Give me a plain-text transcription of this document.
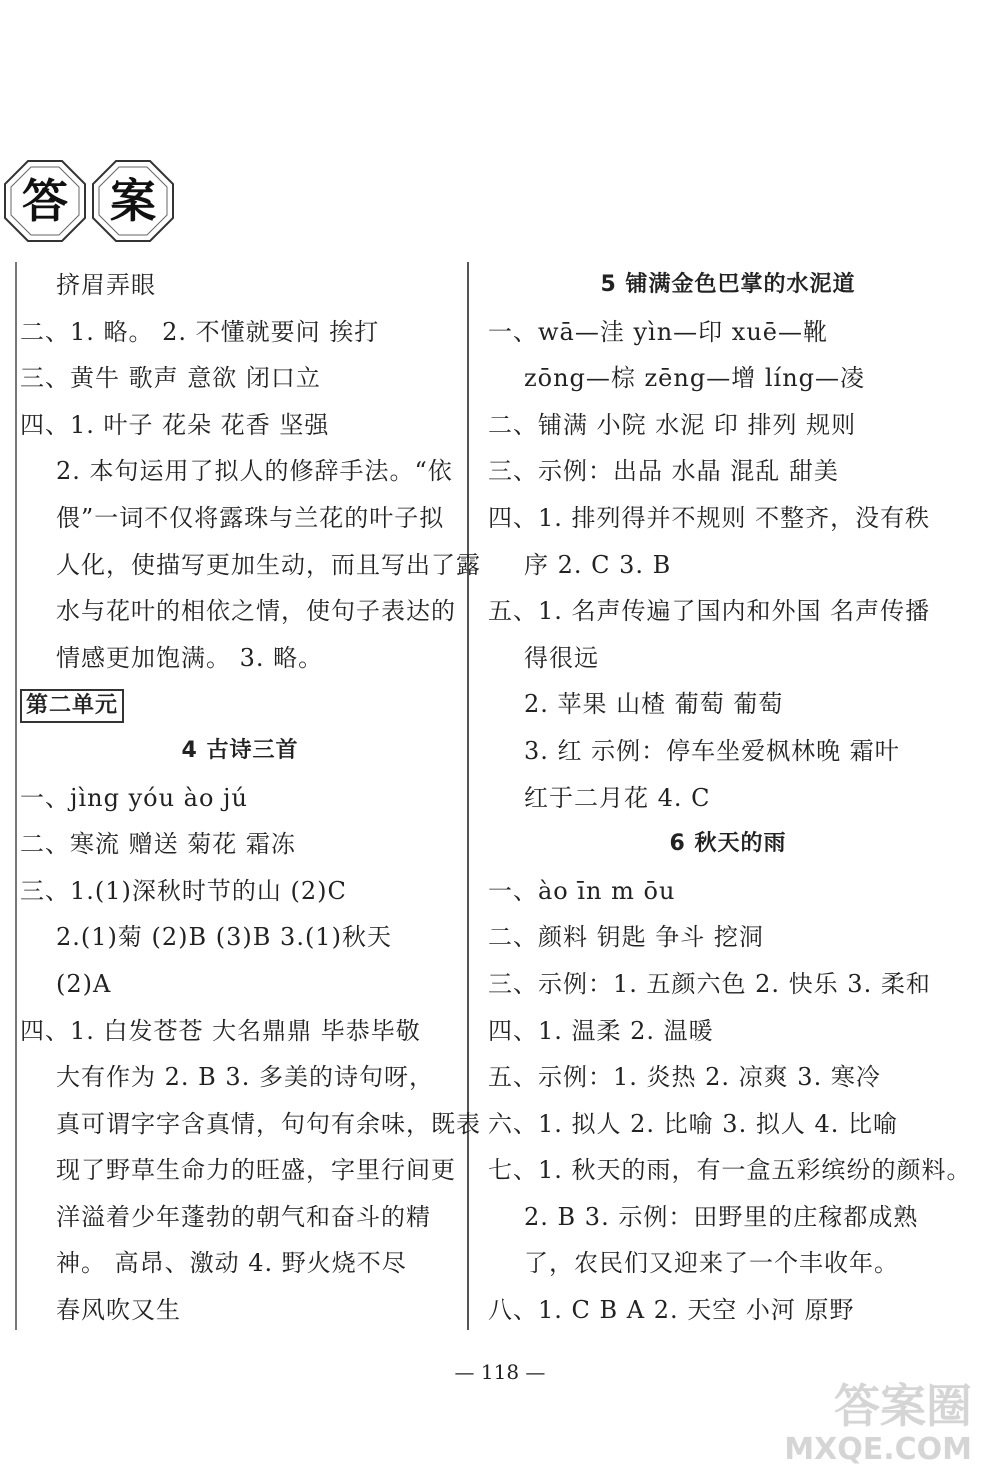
答 案
挤眉弄眼
二、1. 略。 2. 不懂就要问 挨打
三、黄牛 歌声 意欲 闭口立
四、1. 叶子 花朵 花香 坚强
2. 本句运用了拟人的修辞手法。“依
偎”一词不仅将露珠与兰花的叶子拟
人化，使描写更加生动，而且写出了露
水与花叶的相依之情，使句子表达的
情感更加饱满。 3. 略。
第二单元
4 古诗三首
一、jìng yóu ào jú
二、寒流 赠送 菊花 霜冻
三、1.(1)深秋时节的山 (2)C
2.(1)菊 (2)B (3)B 3.(1)秋天
(2)A
四、1. 白发苍苍 大名鼎鼎 毕恭毕敬
大有作为 2. B 3. 多美的诗句呀，
真可谓字字含真情，句句有余味，既表
现了野草生命力的旺盛，字里行间更
洋溢着少年蓬勃的朝气和奋斗的精
神。 高昂、激动 4. 野火烧不尽
春风吹又生
5 铺满金色巴掌的水泥道
一、wā—洼 yìn—印 xuē—靴
zōng—棕 zēng—增 líng—凌
二、铺满 小院 水泥 印 排列 规则
三、示例：出品 水晶 混乱 甜美
四、1. 排列得并不规则 不整齐，没有秩
序 2. C 3. B
五、1. 名声传遍了国内和外国 名声传播
得很远
2. 苹果 山楂 葡萄 葡萄
3. 红 示例：停车坐爱枫林晚 霜叶
红于二月花 4. C
6 秋天的雨
一、ào īn m ōu
二、颜料 钥匙 争斗 挖洞
三、示例：1. 五颜六色 2. 快乐 3. 柔和
四、1. 温柔 2. 温暖
五、示例：1. 炎热 2. 凉爽 3. 寒冷
六、1. 拟人 2. 比喻 3. 拟人 4. 比喻
七、1. 秋天的雨，有一盒五彩缤纷的颜料。
2. B 3. 示例：田野里的庄稼都成熟
了，农民们又迎来了一个丰收年。
八、1. C B A 2. 天空 小河 原野
— 118 —
答案圈
MXQE.COM
